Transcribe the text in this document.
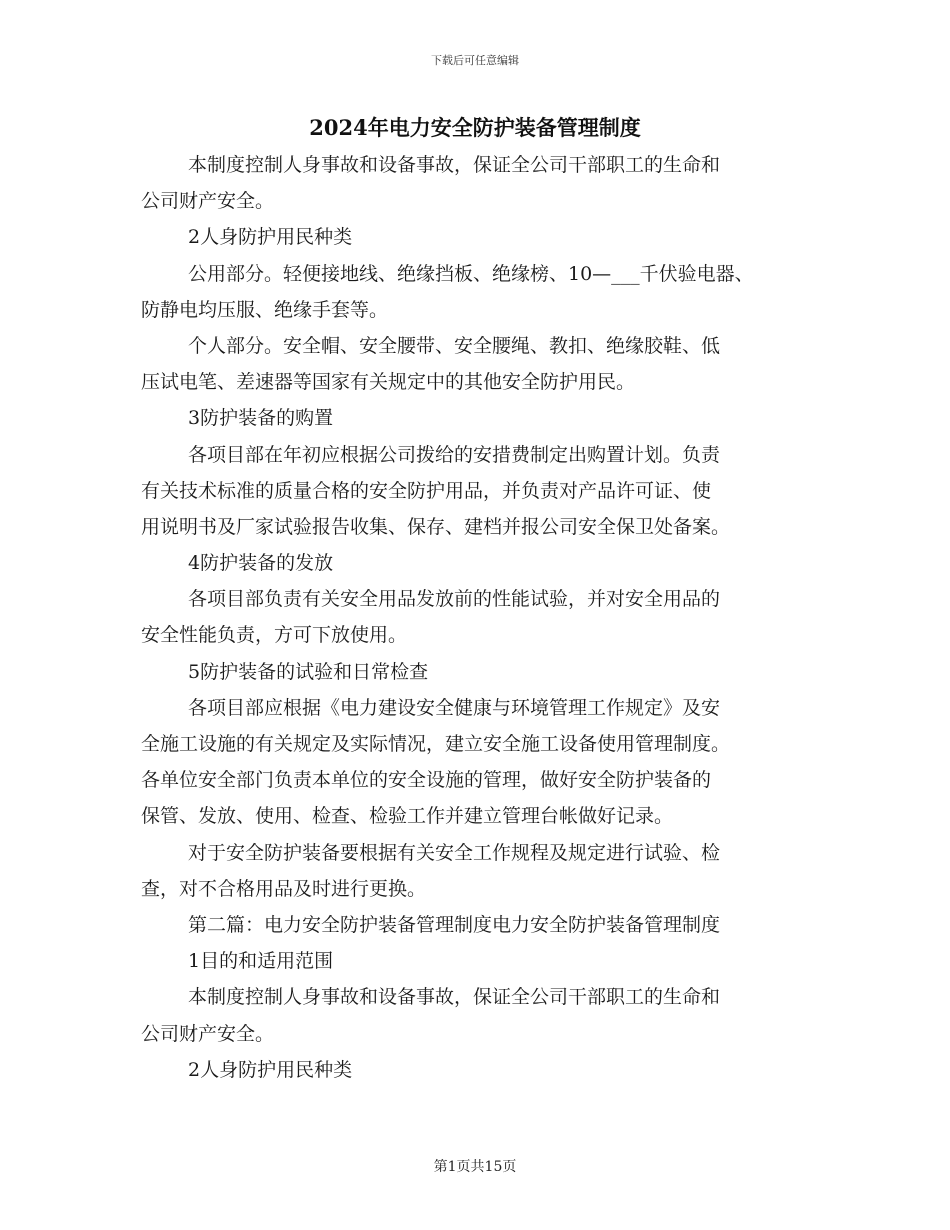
下载后可任意编辑
2024年电力安全防护装备管理制度
本制度控制人身事故和设备事故，保证全公司干部职工的生命和
公司财产安全。
2人身防护用民种类
公用部分。轻便接地线、绝缘挡板、绝缘榜、10—___千伏验电器、
防静电均压服、绝缘手套等。
个人部分。安全帽、安全腰带、安全腰绳、教扣、绝缘胶鞋、低
压试电笔、差速器等国家有关规定中的其他安全防护用民。
3防护装备的购置
各项目部在年初应根据公司拨给的安措费制定出购置计划。负责
有关技术标准的质量合格的安全防护用品，并负责对产品许可证、使
用说明书及厂家试验报告收集、保存、建档并报公司安全保卫处备案。
4防护装备的发放
各项目部负责有关安全用品发放前的性能试验，并对安全用品的
安全性能负责，方可下放使用。
5防护装备的试验和日常检查
各项目部应根据《电力建设安全健康与环境管理工作规定》及安
全施工设施的有关规定及实际情况，建立安全施工设备使用管理制度。
各单位安全部门负责本单位的安全设施的管理，做好安全防护装备的
保管、发放、使用、检查、检验工作并建立管理台帐做好记录。
对于安全防护装备要根据有关安全工作规程及规定进行试验、检
查，对不合格用品及时进行更换。
第二篇：电力安全防护装备管理制度电力安全防护装备管理制度
1目的和适用范围
本制度控制人身事故和设备事故，保证全公司干部职工的生命和
公司财产安全。
2人身防护用民种类
第1页共15页
